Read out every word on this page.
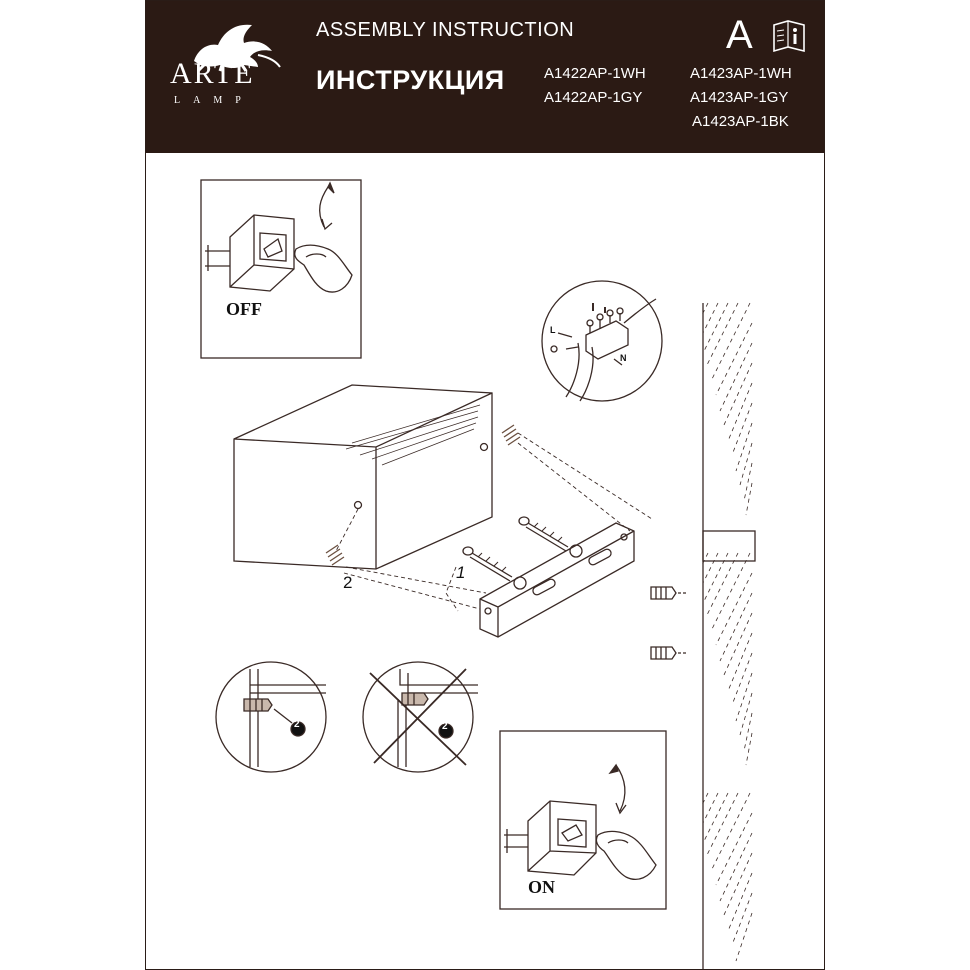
ARTE
LAMP
ASSEMBLY INSTRUCTION
ИНСТРУКЦИЯ	A1422AP-1WH
A1422AP-1GY
A1423AP-1WH
A1423AP-1GY
A1423AP-1BK
A
OFF
ON
1
2
2	2
L
N
